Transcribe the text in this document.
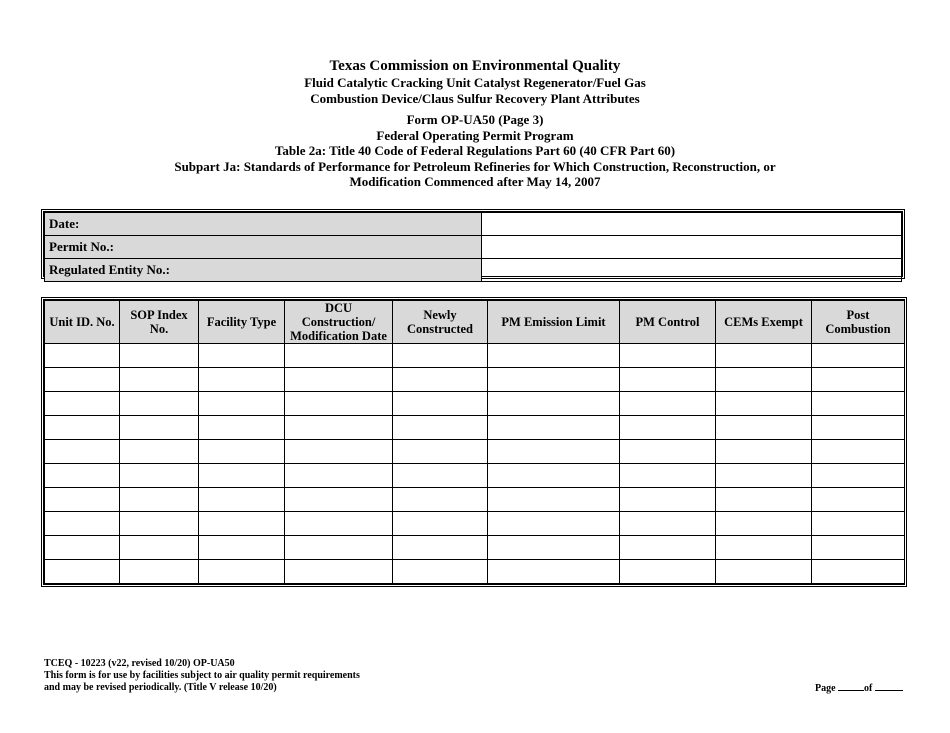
Texas Commission on Environmental Quality
Fluid Catalytic Cracking Unit Catalyst Regenerator/Fuel Gas
Combustion Device/Claus Sulfur Recovery Plant Attributes
Form OP-UA50 (Page 3)
Federal Operating Permit Program
Table 2a: Title 40 Code of Federal Regulations Part 60 (40 CFR Part 60)
Subpart Ja: Standards of Performance for Petroleum Refineries for Which Construction, Reconstruction, or
Modification Commenced after May 14, 2007
Date:	
Permit No.:	
Regulated Entity No.:	
Unit ID. No.	SOP Index No.	Facility Type	DCU Construction/ Modification Date	Newly Constructed	PM Emission Limit	PM Control	CEMs Exempt	Post Combustion

TCEQ - 10223 (v22, revised 10/20) OP-UA50
This form is for use by facilities subject to air quality permit requirements
and may be revised periodically. (Title V release 10/20)	Page	of
